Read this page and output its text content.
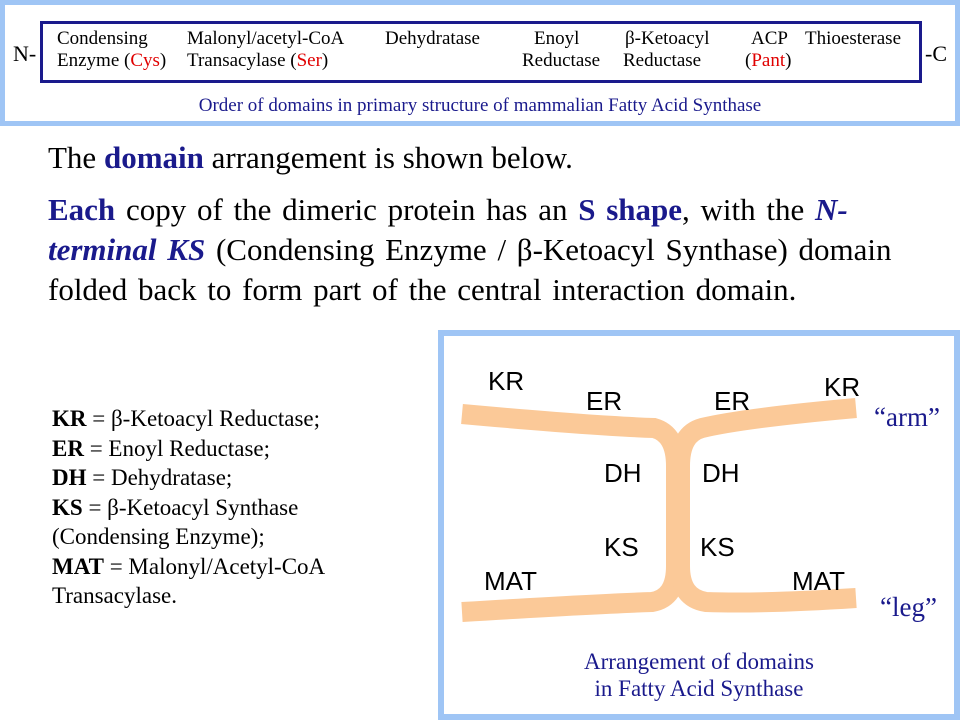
N-
Condensing
Enzyme (Cys)
Malonyl/acetyl-CoA
Transacylase (Ser)
Dehydratase	Enoyl
Reductase
β-Ketoacyl
Reductase
ACP
(Pant)
Thioesterase
-C
Order of domains in primary structure of mammalian Fatty Acid Synthase
The domain arrangement is shown below.
Each copy of the dimeric protein has an S shape, with the N-terminal KS (Condensing Enzyme / β-Ketoacyl Synthase) domain folded back to form part of the central interaction domain.
KR = β-Ketoacyl Reductase;
ER = Enoyl Reductase;
DH = Dehydratase;
KS = β-Ketoacyl Synthase
(Condensing Enzyme);
MAT = Malonyl/Acetyl-CoA
Transacylase.
KR
ER	ER	KR
DH DH
KS KS
MAT	MAT
“arm”
“leg”
Arrangement of domains
in Fatty Acid Synthase
